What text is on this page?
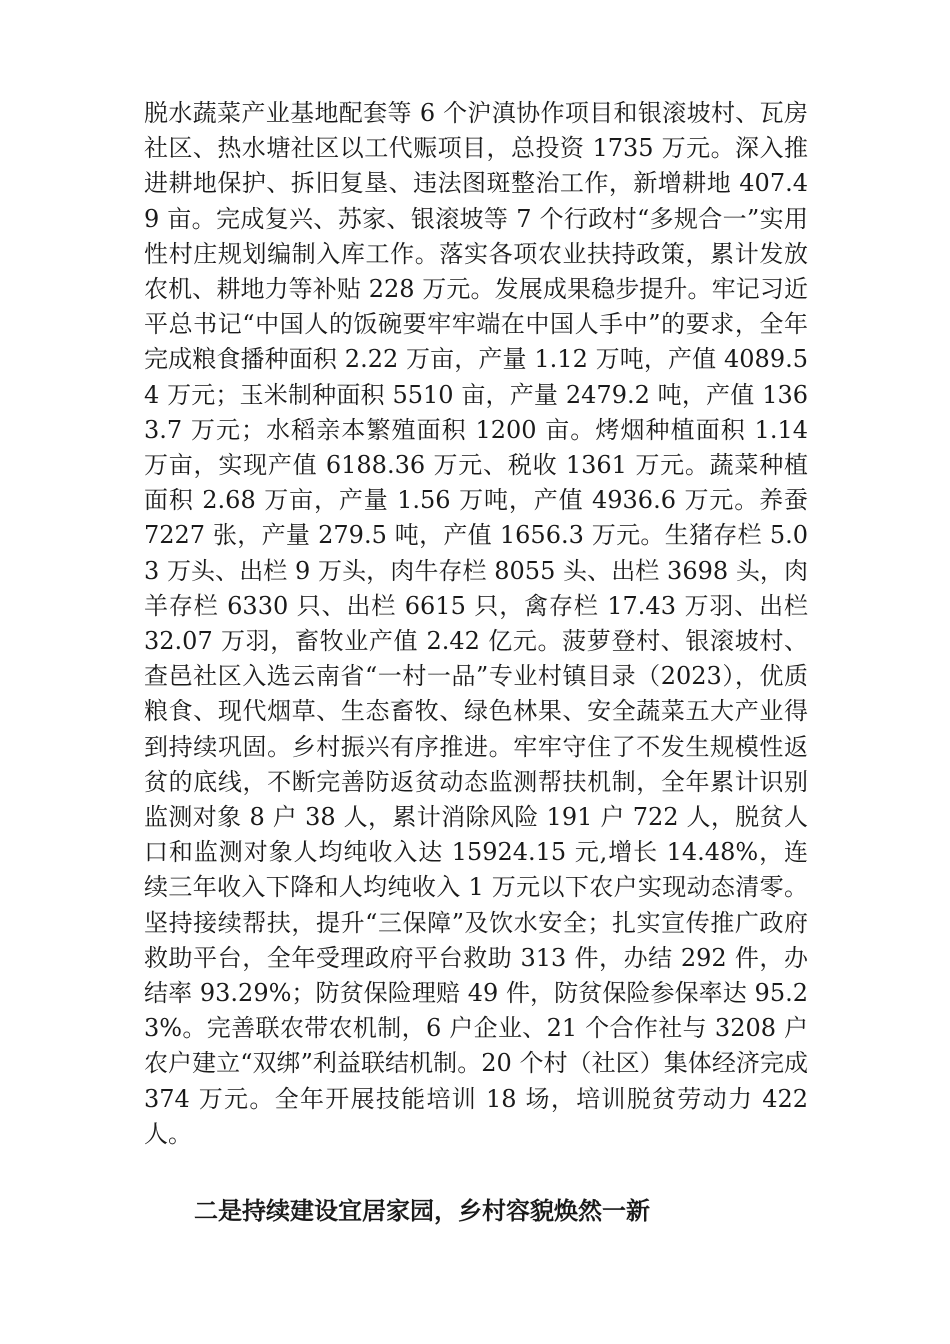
脱水蔬菜产业基地配套等 6 个沪滇协作项目和银滚坡村、瓦房社区、热水塘社区以工代赈项目，总投资 1735 万元。深入推进耕地保护、拆旧复垦、违法图斑整治工作，新增耕地 407.49 亩。完成复兴、苏家、银滚坡等 7 个行政村“多规合一”实用性村庄规划编制入库工作。落实各项农业扶持政策，累计发放农机、耕地力等补贴 228 万元。发展成果稳步提升。牢记习近平总书记“中国人的饭碗要牢牢端在中国人手中”的要求，全年完成粮食播种面积 2.22 万亩，产量 1.12 万吨，产值 4089.54 万元；玉米制种面积 5510 亩，产量 2479.2 吨，产值 1363.7 万元；水稻亲本繁殖面积 1200 亩。烤烟种植面积 1.14 万亩，实现产值 6188.36 万元、税收 1361 万元。蔬菜种植面积 2.68 万亩，产量 1.56 万吨，产值 4936.6 万元。养蚕 7227 张，产量 279.5 吨，产值 1656.3 万元。生猪存栏 5.03 万头、出栏 9 万头，肉牛存栏 8055 头、出栏 3698 头，肉羊存栏 6330 只、出栏 6615 只，禽存栏 17.43 万羽、出栏 32.07 万羽，畜牧业产值 2.42 亿元。菠萝登村、银滚坡村、查邑社区入选云南省“一村一品”专业村镇目录（2023），优质粮食、现代烟草、生态畜牧、绿色林果、安全蔬菜五大产业得到持续巩固。乡村振兴有序推进。牢牢守住了不发生规模性返贫的底线，不断完善防返贫动态监测帮扶机制，全年累计识别监测对象 8 户 38 人，累计消除风险 191 户 722 人，脱贫人口和监测对象人均纯收入达 15924.15 元,增长 14.48%，连续三年收入下降和人均纯收入 1 万元以下农户实现动态清零。坚持接续帮扶，提升“三保障”及饮水安全；扎实宣传推广政府救助平台，全年受理政府平台救助 313 件，办结 292 件，办结率 93.29%；防贫保险理赔 49 件，防贫保险参保率达 95.23%。完善联农带农机制，6 户企业、21 个合作社与 3208 户农户建立“双绑”利益联结机制。20 个村（社区）集体经济完成 374 万元。全年开展技能培训 18 场，培训脱贫劳动力 422 人。

二是持续建设宜居家园，乡村容貌焕然一新
